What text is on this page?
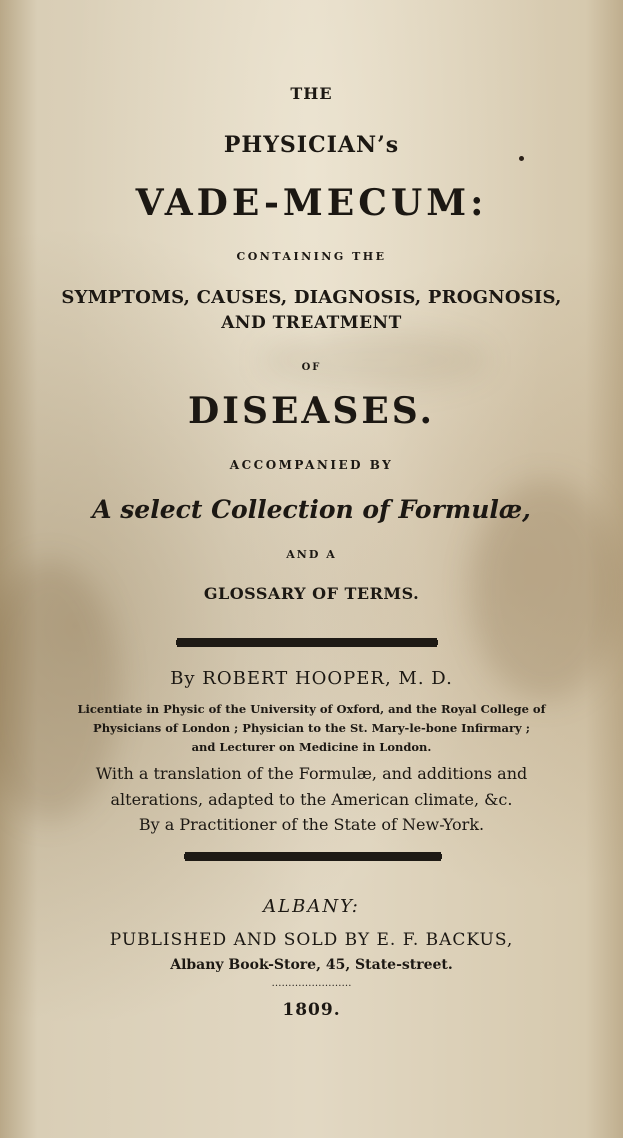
THE

PHYSICIAN’s

VADE-MECUM:

CONTAINING THE

SYMPTOMS, CAUSES, DIAGNOSIS, PROGNOSIS,

AND TREATMENT

OF

DISEASES.

ACCOMPANIED BY

A select Collection of Formulæ,

AND A

GLOSSARY OF TERMS.

By ROBERT HOOPER, M. D.

Licentiate in Physic of the University of Oxford, and the Royal College of

Physicians of London ; Physician to the St. Mary-le-bone Infirmary ;

and Lecturer on Medicine in London.

With a translation of the Formulæ, and additions and

alterations, adapted to the American climate, &c.

By a Practitioner of the State of New-York.

ALBANY:

PUBLISHED AND SOLD BY E. F. BACKUS,

Albany Book-Store, 45, State-street.

……………………

1809.
